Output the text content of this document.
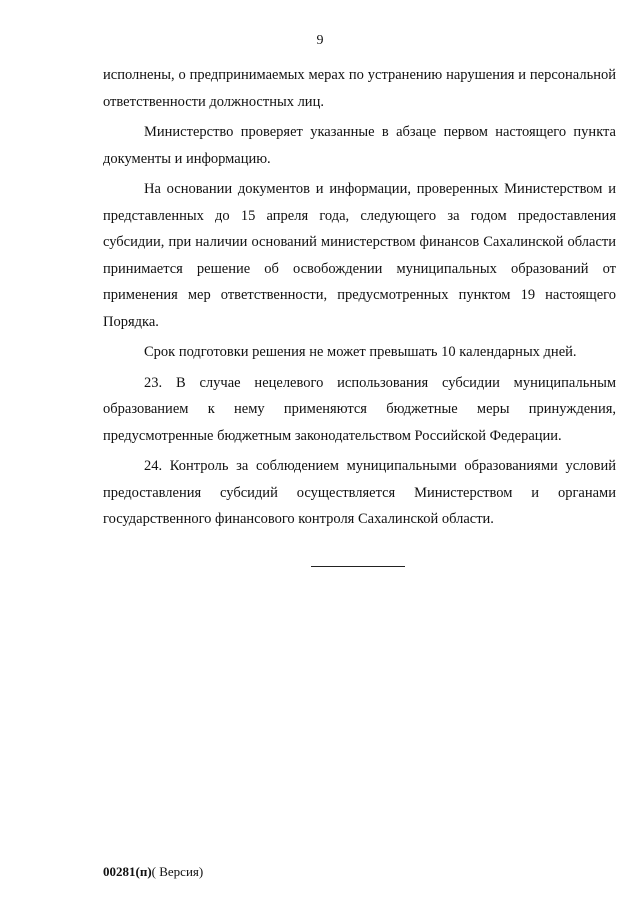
9

исполнены, о предпринимаемых мерах по устранению нарушения и персональной ответственности должностных лиц.

Министерство проверяет указанные в абзаце первом настоящего пункта документы и информацию.

На основании документов и информации, проверенных Министерством и представленных до 15 апреля года, следующего за годом предоставления субсидии, при наличии оснований министерством финансов Сахалинской области принимается решение об освобождении муниципальных образований от применения мер ответственности, предусмотренных пунктом 19 настоящего Порядка.

Срок подготовки решения не может превышать 10 календарных дней.

23. В случае нецелевого использования субсидии муниципальным образованием к нему применяются бюджетные меры принуждения, предусмотренные бюджетным законодательством Российской Федерации.

24. Контроль за соблюдением муниципальными образованиями условий предоставления субсидий осуществляется Министерством и органами государственного финансового контроля Сахалинской области.

00281(п)( Версия)
